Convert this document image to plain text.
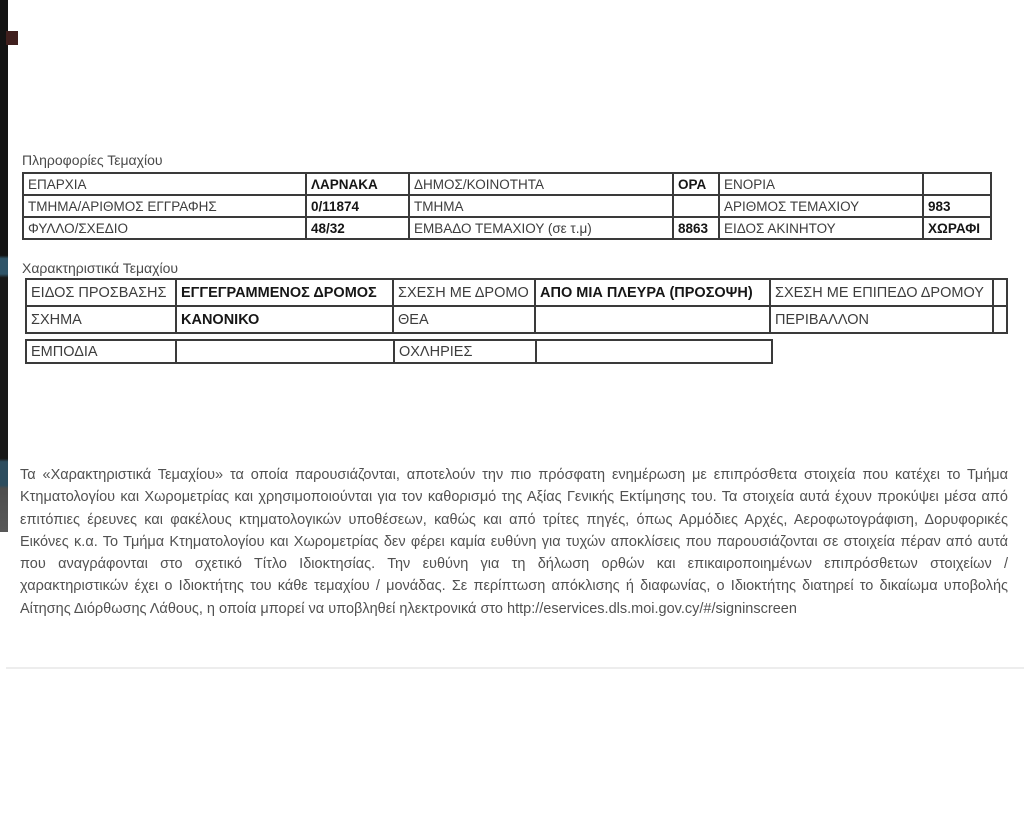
Πληροφορίες Τεμαχίου
ΕΠΑΡΧΙΑ	ΛΑΡΝΑΚΑ	ΔΗΜΟΣ/ΚΟΙΝΟΤΗΤΑ	ΟΡΑ	ΕΝΟΡΙΑ	
ΤΜΗΜΑ/ΑΡΙΘΜΟΣ ΕΓΓΡΑΦΗΣ	0/11874	ΤΜΗΜΑ		ΑΡΙΘΜΟΣ ΤΕΜΑΧΙΟΥ	983
ΦΥΛΛΟ/ΣΧΕΔΙΟ	48/32	ΕΜΒΑΔΟ ΤΕΜΑΧΙΟΥ (σε τ.μ)	8863	ΕΙΔΟΣ ΑΚΙΝΗΤΟΥ	ΧΩΡΑΦΙ
Χαρακτηριστικά Τεμαχίου
ΕΙΔΟΣ ΠΡΟΣΒΑΣΗΣ	ΕΓΓΕΓΡΑΜΜΕΝΟΣ ΔΡΟΜΟΣ	ΣΧΕΣΗ ΜΕ ΔΡΟΜΟ	ΑΠΟ ΜΙΑ ΠΛΕΥΡΑ (ΠΡΟΣΟΨΗ)	ΣΧΕΣΗ ΜΕ ΕΠΙΠΕΔΟ ΔΡΟΜΟΥ	
ΣΧΗΜΑ	ΚΑΝΟΝΙΚΟ	ΘΕΑ		ΠΕΡΙΒΑΛΛΟΝ	
ΕΜΠΟΔΙΑ		ΟΧΛΗΡΙΕΣ	
Τα «Χαρακτηριστικά Τεμαχίου» τα οποία παρουσιάζονται, αποτελούν την πιο πρόσφατη ενημέρωση με επιπρόσθετα στοιχεία που κατέχει το Τμήμα
Κτηματολογίου και Χωρομετρίας και χρησιμοποιούνται για τον καθορισμό της Αξίας Γενικής Εκτίμησης του. Τα στοιχεία αυτά έχουν προκύψει μέσα από
επιτόπιες έρευνες και φακέλους κτηματολογικών υποθέσεων, καθώς και από τρίτες πηγές, όπως Αρμόδιες Αρχές, Αεροφωτογράφιση, Δορυφορικές
Εικόνες κ.α. Το Τμήμα Κτηματολογίου και Χωρομετρίας δεν φέρει καμία ευθύνη για τυχών αποκλίσεις που παρουσιάζονται σε στοιχεία πέραν από αυτά
που αναγράφονται στο σχετικό Τίτλο Ιδιοκτησίας. Την ευθύνη για τη δήλωση ορθών και επικαιροποιημένων επιπρόσθετων στοιχείων /
χαρακτηριστικών έχει ο Ιδιοκτήτης του κάθε τεμαχίου / μονάδας. Σε περίπτωση απόκλισης ή διαφωνίας, ο Ιδιοκτήτης διατηρεί το δικαίωμα υποβολής
Αίτησης Διόρθωσης Λάθους, η οποία μπορεί να υποβληθεί ηλεκτρονικά στο http://eservices.dls.moi.gov.cy/#/signinscreen
